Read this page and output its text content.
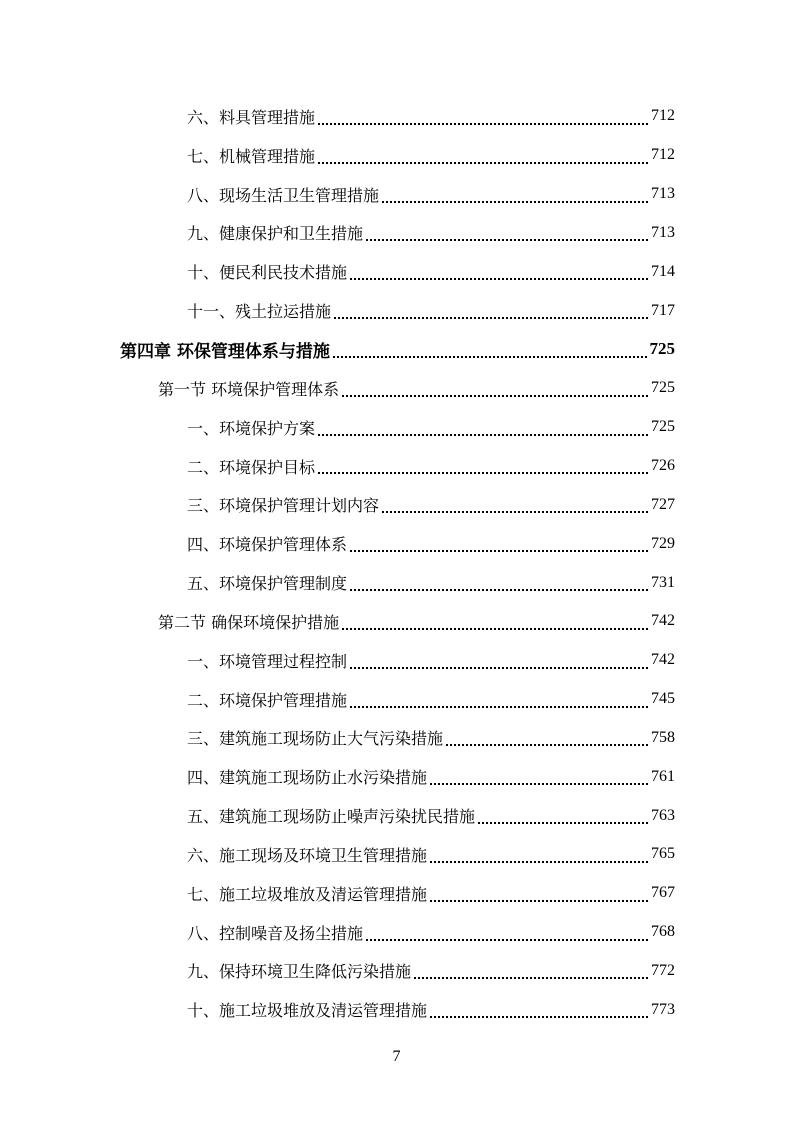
六、料具管理措施	712
七、机械管理措施	712
八、现场生活卫生管理措施	713
九、健康保护和卫生措施	713
十、便民利民技术措施	714
十一、残土拉运措施	717
第四章 环保管理体系与措施	725
第一节 环境保护管理体系	725
一、环境保护方案	725
二、环境保护目标	726
三、环境保护管理计划内容	727
四、环境保护管理体系	729
五、环境保护管理制度	731
第二节 确保环境保护措施	742
一、环境管理过程控制	742
二、环境保护管理措施	745
三、建筑施工现场防止大气污染措施	758
四、建筑施工现场防止水污染措施	761
五、建筑施工现场防止噪声污染扰民措施	763
六、施工现场及环境卫生管理措施	765
七、施工垃圾堆放及清运管理措施	767
八、控制噪音及扬尘措施	768
九、保持环境卫生降低污染措施	772
十、施工垃圾堆放及清运管理措施	773
7
